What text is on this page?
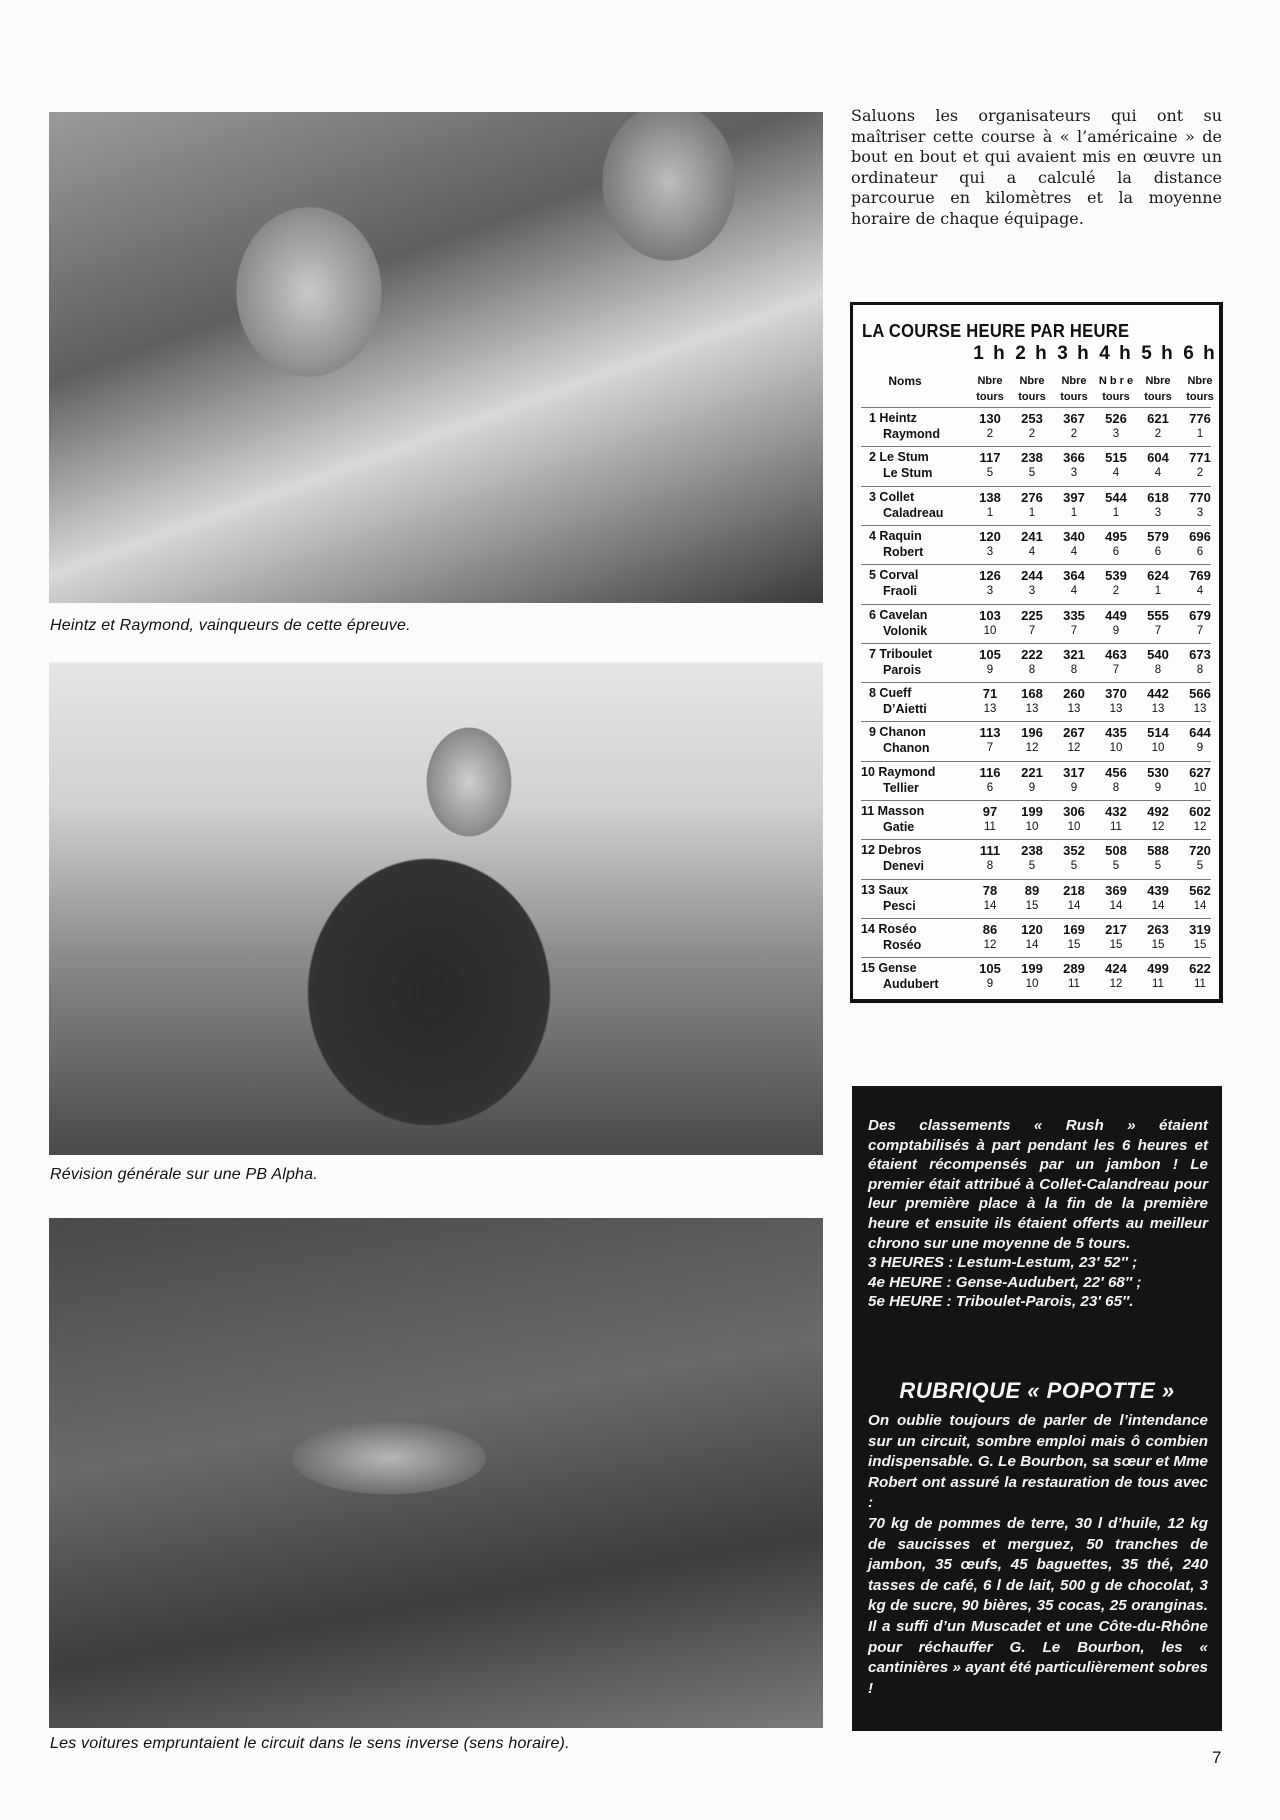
Heintz et Raymond, vainqueurs de cette épreuve.
Révision générale sur une PB Alpha.
Les voitures empruntaient le circuit dans le sens inverse (sens horaire).
Saluons les organisateurs qui ont su maîtriser cette course à « l’américaine » de bout en bout et qui avaient mis en œuvre un ordinateur qui a calculé la distance parcourue en kilomètres et la moyenne horaire de chaque équipage.
LA COURSE HEURE PAR HEURE
Noms
1 h
Nbre tours
2 h
Nbre tours
3 h
Nbre tours
4 h
N b r e tours
5 h
Nbre tours
6 h
Nbre tours
1 Heintz
Raymond
130
2
253
2
367
2
526
3
621
2
776
1
2 Le Stum
Le Stum
117
5
238
5
366
3
515
4
604
4
771
2
3 Collet
Caladreau
138
1
276
1
397
1
544
1
618
3
770
3
4 Raquin
Robert
120
3
241
4
340
4
495
6
579
6
696
6
5 Corval
Fraoli
126
3
244
3
364
4
539
2
624
1
769
4
6 Cavelan
Volonik
103
10
225
7
335
7
449
9
555
7
679
7
7 Triboulet
Parois
105
9
222
8
321
8
463
7
540
8
673
8
8 Cueff
D’Aietti
71
13
168
13
260
13
370
13
442
13
566
13
9 Chanon
Chanon
113
7
196
12
267
12
435
10
514
10
644
9
10 Raymond
Tellier
116
6
221
9
317
9
456
8
530
9
627
10
11 Masson
Gatie
97
11
199
10
306
10
432
11
492
12
602
12
12 Debros
Denevi
111
8
238
5
352
5
508
5
588
5
720
5
13 Saux
Pesci
78
14
89
15
218
14
369
14
439
14
562
14
14 Roséo
Roséo
86
12
120
14
169
15
217
15
263
15
319
15
15 Gense
Audubert
105
9
199
10
289
11
424
12
499
11
622
11
Des classements « Rush » étaient comptabilisés à part pendant les 6 heures et étaient récompensés par un jambon ! Le premier était attribué à Collet-Calandreau pour leur première place à la fin de la première heure et ensuite ils étaient offerts au meilleur chrono sur une moyenne de 5 tours.
3 HEURES : Lestum-Lestum, 23′ 52″ ;
4e HEURE : Gense-Audubert, 22′ 68″ ;
5e HEURE : Triboulet-Parois, 23′ 65″.
RUBRIQUE « POPOTTE »
On oublie toujours de parler de l’intendance sur un circuit, sombre emploi mais ô combien indispensable. G. Le Bourbon, sa sœur et Mme Robert ont assuré la restauration de tous avec :
70 kg de pommes de terre, 30 l d’huile, 12 kg de saucisses et merguez, 50 tranches de jambon, 35 œufs, 45 baguettes, 35 thé, 240 tasses de café, 6 l de lait, 500 g de chocolat, 3 kg de sucre, 90 bières, 35 cocas, 25 oranginas. Il a suffi d’un Muscadet et une Côte-du-Rhône pour réchauffer G. Le Bourbon, les « cantinières » ayant été particulièrement sobres !
7
